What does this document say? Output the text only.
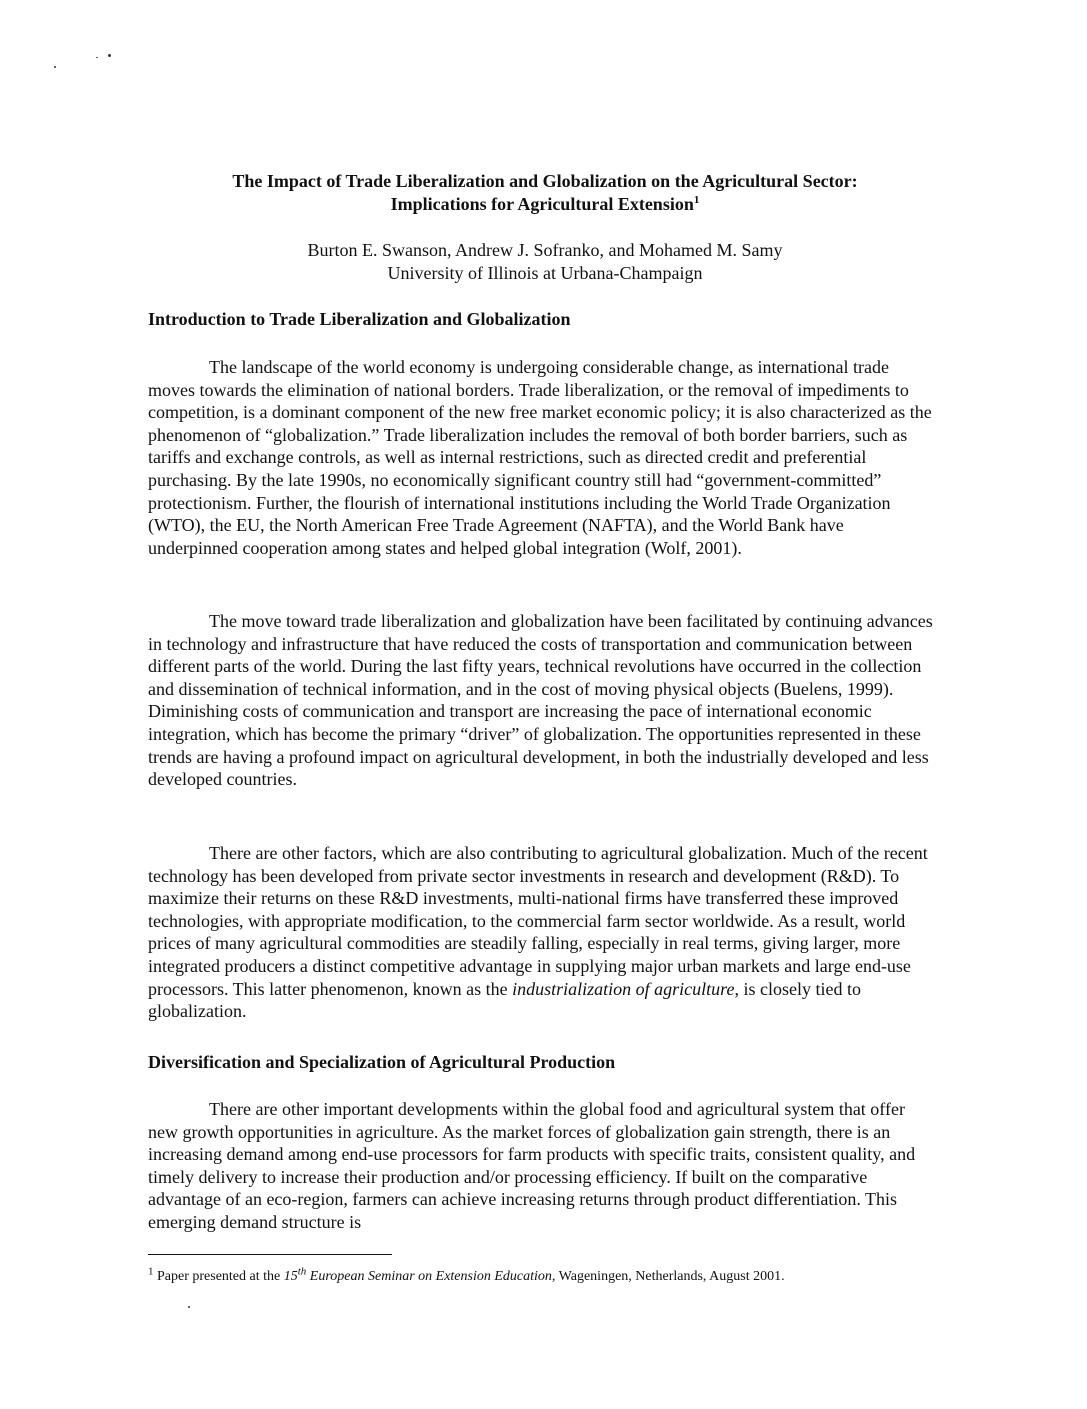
The Impact of Trade Liberalization and Globalization on the Agricultural Sector:
Implications for Agricultural Extension$^1$
Burton E. Swanson, Andrew J. Sofranko, and Mohamed M. Samy
University of Illinois at Urbana-Champaign
Introduction to Trade Liberalization and Globalization

The landscape of the world economy is undergoing considerable change, as international trade moves towards the elimination of national borders. Trade liberalization, or the removal of impediments to competition, is a dominant component of the new free market economic policy; it is also characterized as the phenomenon of “globalization.” Trade liberalization includes the removal of both border barriers, such as tariffs and exchange controls, as well as internal restrictions, such as directed credit and preferential purchasing. By the late 1990s, no economically significant country still had “government-committed” protectionism. Further, the flourish of international institutions including the World Trade Organization (WTO), the EU, the North American Free Trade Agreement (NAFTA), and the World Bank have underpinned cooperation among states and helped global integration (Wolf, 2001).

The move toward trade liberalization and globalization have been facilitated by continuing advances in technology and infrastructure that have reduced the costs of transportation and communication between different parts of the world. During the last fifty years, technical revolutions have occurred in the collection and dissemination of technical information, and in the cost of moving physical objects (Buelens, 1999). Diminishing costs of communication and transport are increasing the pace of international economic integration, which has become the primary “driver” of globalization. The opportunities represented in these trends are having a profound impact on agricultural development, in both the industrially developed and less developed countries.

There are other factors, which are also contributing to agricultural globalization. Much of the recent technology has been developed from private sector investments in research and development (R&D). To maximize their returns on these R&D investments, multi-national firms have transferred these improved technologies, with appropriate modification, to the commercial farm sector worldwide. As a result, world prices of many agricultural commodities are steadily falling, especially in real terms, giving larger, more integrated producers a distinct competitive advantage in supplying major urban markets and large end-use processors. This latter phenomenon, known as the industrialization of agriculture, is closely tied to globalization.

Diversification and Specialization of Agricultural Production

There are other important developments within the global food and agricultural system that offer new growth opportunities in agriculture. As the market forces of globalization gain strength, there is an increasing demand among end-use processors for farm products with specific traits, consistent quality, and timely delivery to increase their production and/or processing efficiency. If built on the comparative advantage of an eco-region, farmers can achieve increasing returns through product differentiation. This emerging demand structure is

$^1$ Paper presented at the 15th European Seminar on Extension Education, Wageningen, Netherlands, August 2001.
